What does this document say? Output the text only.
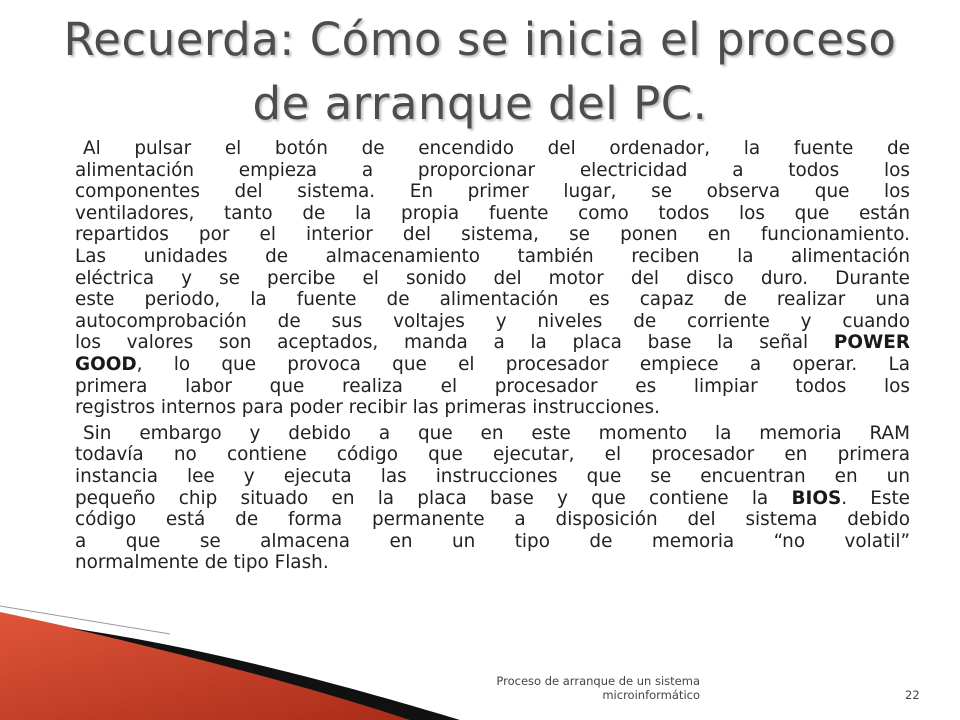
Recuerda: Cómo se inicia el proceso
de arranque del PC.
Al pulsar el botón de encendido del ordenador, la fuente de
alimentación empieza a proporcionar electricidad a todos los
componentes del sistema. En primer lugar, se observa que los
ventiladores, tanto de la propia fuente como todos los que están
repartidos por el interior del sistema, se ponen en funcionamiento.
Las unidades de almacenamiento también reciben la alimentación
eléctrica y se percibe el sonido del motor del disco duro. Durante
este periodo, la fuente de alimentación es capaz de realizar una
autocomprobación de sus voltajes y niveles de corriente y cuando
los valores son aceptados, manda a la placa base la señal POWER
GOOD, lo que provoca que el procesador empiece a operar. La
primera labor que realiza el procesador es limpiar todos los
registros internos para poder recibir las primeras instrucciones.
Sin embargo y debido a que en este momento la memoria RAM
todavía no contiene código que ejecutar, el procesador en primera
instancia lee y ejecuta las instrucciones que se encuentran en un
pequeño chip situado en la placa base y que contiene la BIOS. Este
código está de forma permanente a disposición del sistema debido
a que se almacena en un tipo de memoria “no volatil”
normalmente de tipo Flash.
Proceso de arranque de un sistema
microinformático	22
